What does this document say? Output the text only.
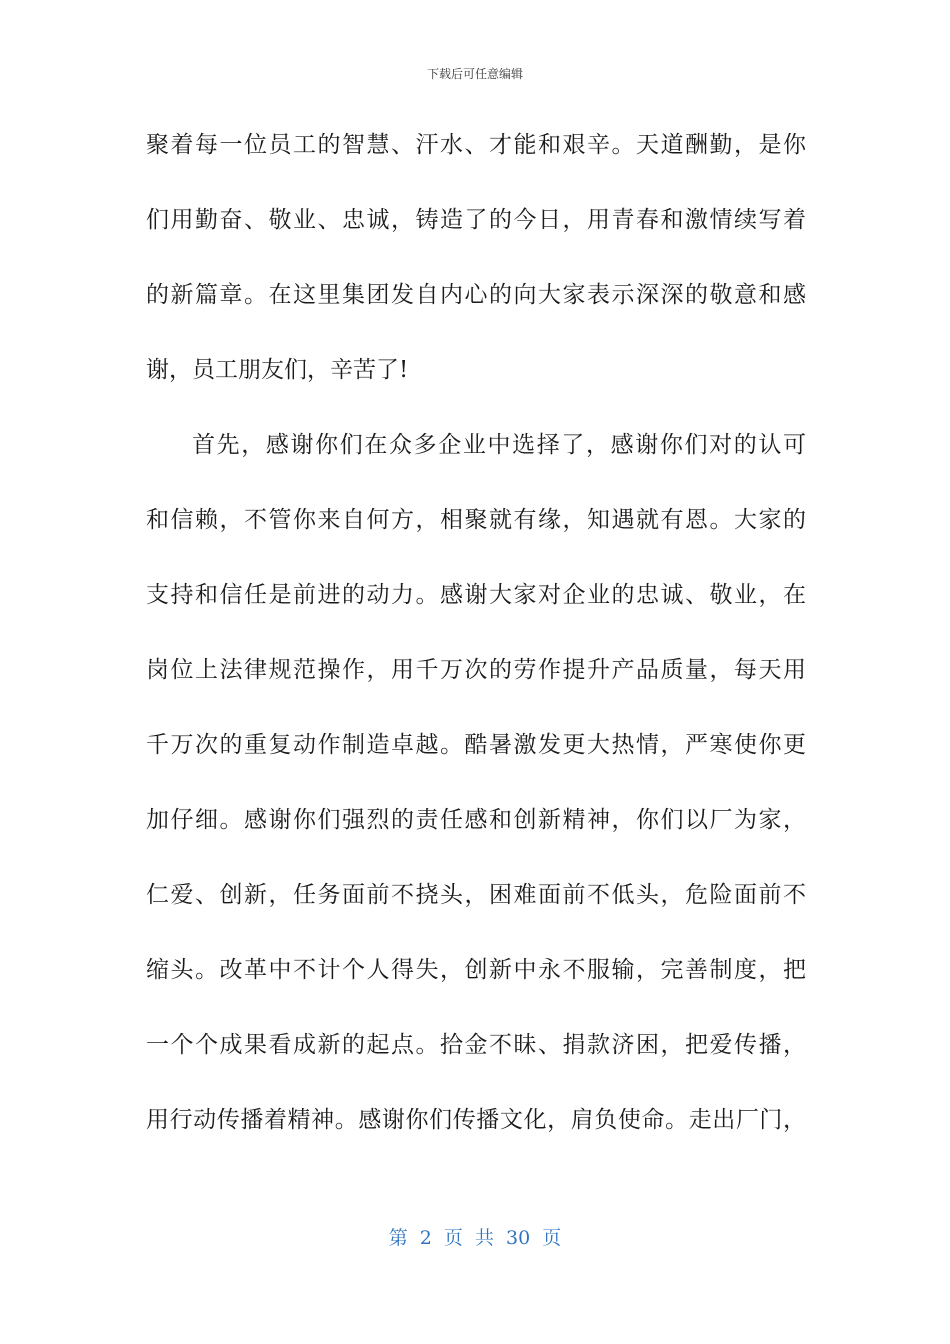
下载后可任意编辑
聚着每一位员工的智慧、汗水、才能和艰辛。天道酬勤，是你
们用勤奋、敬业、忠诚，铸造了的今日，用青春和激情续写着
的新篇章。在这里集团发自内心的向大家表示深深的敬意和感
谢，员工朋友们，辛苦了!
首先，感谢你们在众多企业中选择了，感谢你们对的认可
和信赖，不管你来自何方，相聚就有缘，知遇就有恩。大家的
支持和信任是前进的动力。感谢大家对企业的忠诚、敬业，在
岗位上法律规范操作，用千万次的劳作提升产品质量，每天用
千万次的重复动作制造卓越。酷暑激发更大热情，严寒使你更
加仔细。感谢你们强烈的责任感和创新精神，你们以厂为家，
仁爱、创新，任务面前不挠头，困难面前不低头，危险面前不
缩头。改革中不计个人得失，创新中永不服输，完善制度，把
一个个成果看成新的起点。拾金不昧、捐款济困，把爱传播，
用行动传播着精神。感谢你们传播文化，肩负使命。走出厂门，
第 2 页 共 30 页
